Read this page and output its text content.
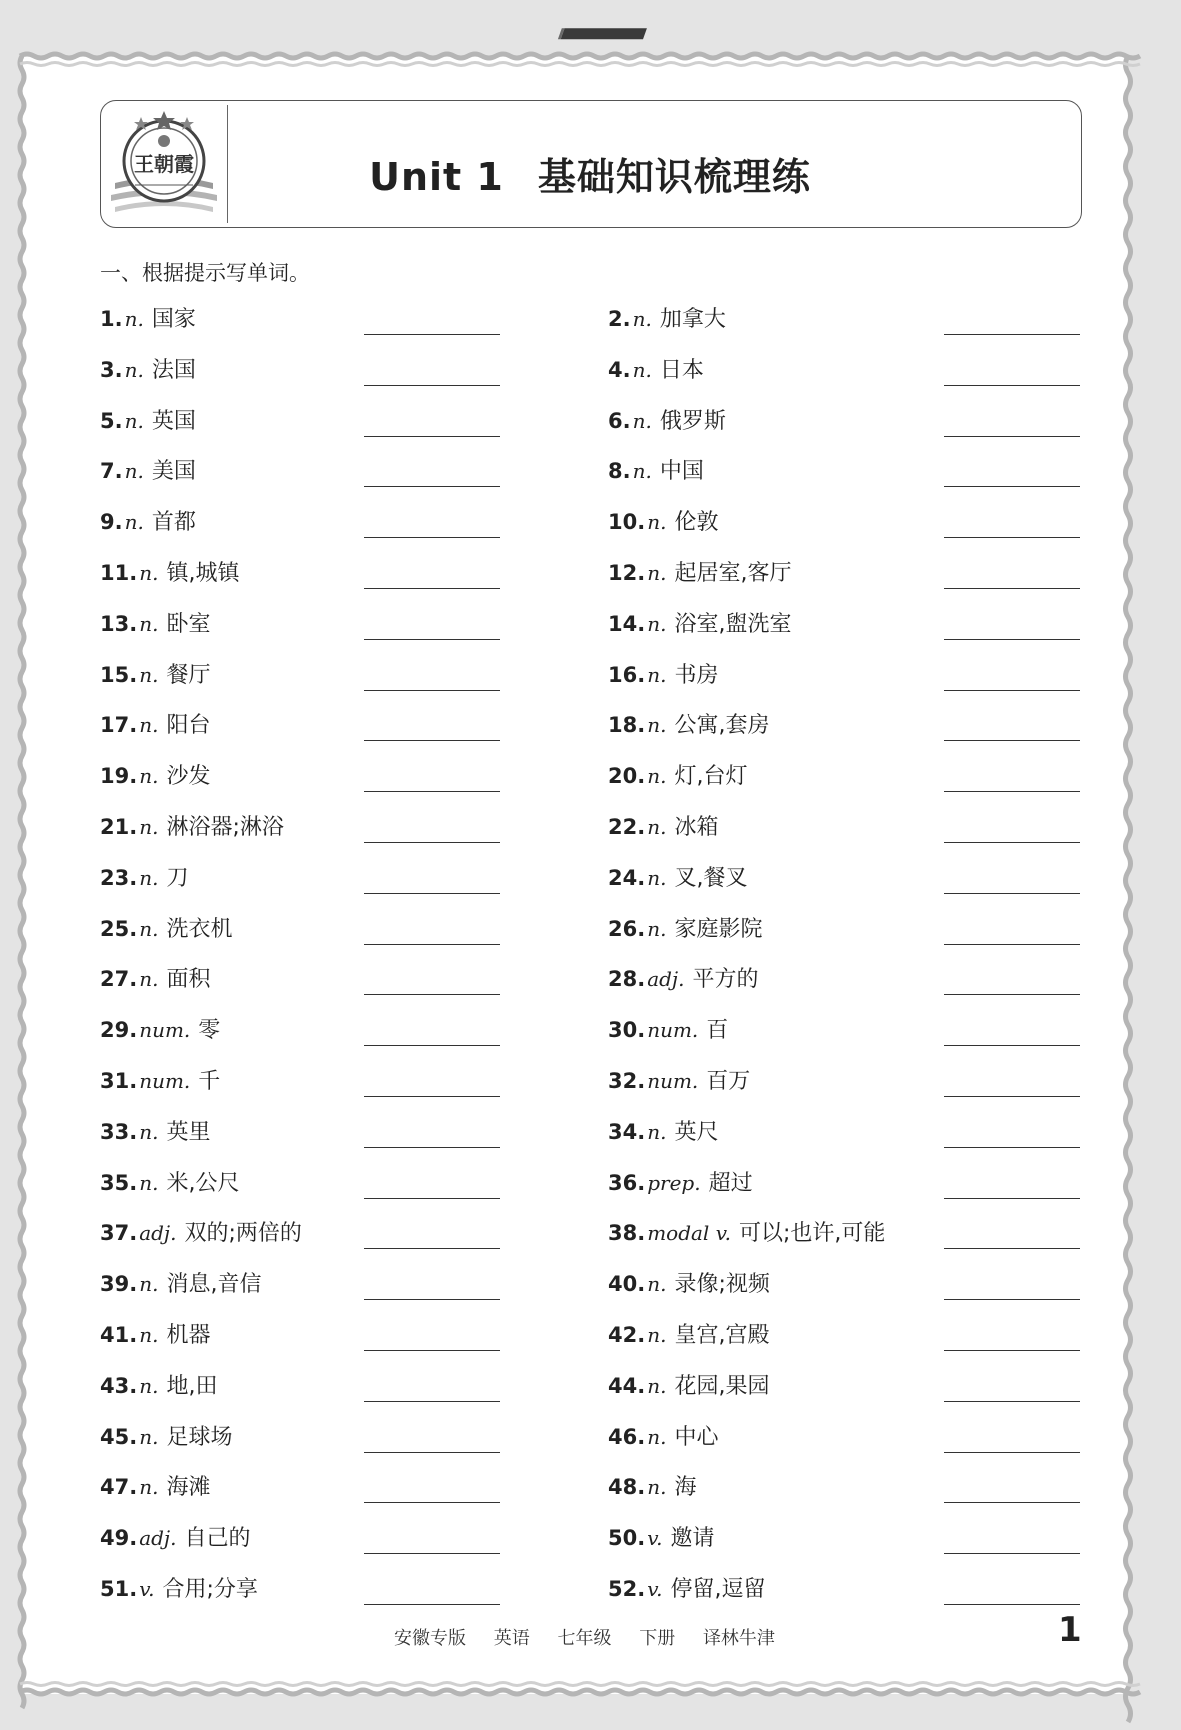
王朝霞
期末复习第1步 · 过课本
Unit 1 基础知识梳理练
一、根据提示写单词。
1. n. 国家	2. n. 加拿大
3. n. 法国	4. n. 日本
5. n. 英国	6. n. 俄罗斯
7. n. 美国	8. n. 中国
9. n. 首都	10. n. 伦敦
11. n. 镇,城镇	12. n. 起居室,客厅
13. n. 卧室	14. n. 浴室,盥洗室
15. n. 餐厅	16. n. 书房
17. n. 阳台	18. n. 公寓,套房
19. n. 沙发	20. n. 灯,台灯
21. n. 淋浴器;淋浴	22. n. 冰箱
23. n. 刀	24. n. 叉,餐叉
25. n. 洗衣机	26. n. 家庭影院
27. n. 面积	28. adj. 平方的
29. num. 零	30. num. 百
31. num. 千	32. num. 百万
33. n. 英里	34. n. 英尺
35. n. 米,公尺	36. prep. 超过
37. adj. 双的;两倍的	38. modal v. 可以;也许,可能
39. n. 消息,音信	40. n. 录像;视频
41. n. 机器	42. n. 皇宫,宫殿
43. n. 地,田	44. n. 花园,果园
45. n. 足球场	46. n. 中心
47. n. 海滩	48. n. 海
49. adj. 自己的	50. v. 邀请
51. v. 合用;分享	52. v. 停留,逗留
安徽专版 英语 七年级 下册 译林牛津	1
